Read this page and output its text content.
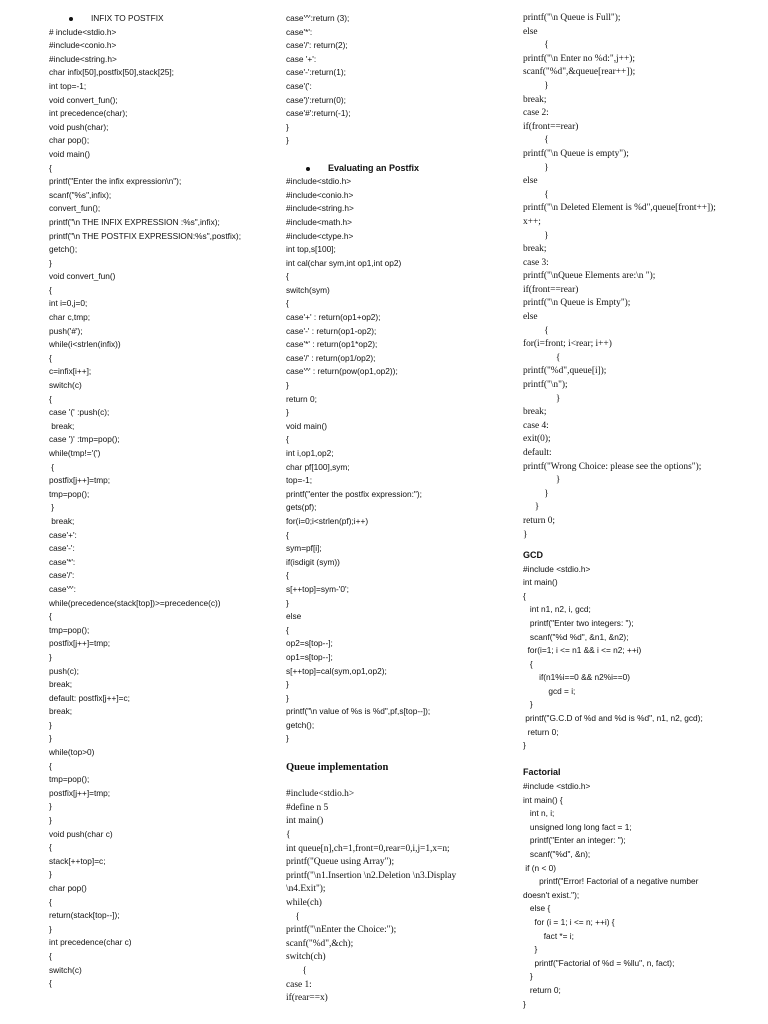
INFIX TO POSTFIX
# include<stdio.h>
#include<conio.h>
#include<string.h>
char infix[50],postfix[50],stack[25];
int top=-1;
void convert_fun();
int precedence(char);
void push(char);
char pop();
void main()
{
printf("Enter the infix expression\n");
scanf("%s",infix);
convert_fun();
printf("\n THE INFIX EXPRESSION :%s",infix);
printf("\n THE POSTFIX EXPRESSION:%s",postfix);
getch();
}
void convert_fun()
{
int i=0,j=0;
char c,tmp;
push('#');
while(i<strlen(infix))
{
c=infix[i++];
switch(c)
{
case '(' :push(c);
break;
case ')' :tmp=pop();
while(tmp!='(')
{
postfix[j++]=tmp;
tmp=pop();
}
break;
case'+':
case'-':
case'*':
case'/':
case'^':
while(precedence(stack[top])>=precedence(c))
{
tmp=pop();
postfix[j++]=tmp;
}
push(c);
break;
default: postfix[j++]=c;
break;
}
}
while(top>0)
{
tmp=pop();
postfix[j++]=tmp;
}
}
void push(char c)
{
stack[++top]=c;
}
char pop()
{
return(stack[top--]);
}
int precedence(char c)
{
switch(c)
{
case'^':return (3);
case'*':
case'/': return(2);
case '+':
case'-':return(1);
case'(':
case')':return(0);
case'#':return(-1);
}
}
Evaluating an Postfix
#include<stdio.h>
#include<conio.h>
#include<string.h>
#include<math.h>
#include<ctype.h>
int top,s[100];
int cal(char sym,int op1,int op2)
{
switch(sym)
{
case'+' : return(op1+op2);
case'-' : return(op1-op2);
case'*' : return(op1*op2);
case'/' : return(op1/op2);
case'^' : return(pow(op1,op2));
}
return 0;
}
void main()
{
int i,op1,op2;
char pf[100],sym;
top=-1;
printf("enter the postfix expression:");
gets(pf);
for(i=0;i<strlen(pf);i++)
{
sym=pf[i];
if(isdigit (sym))
{
s[++top]=sym-'0';
}
else
{
op2=s[top--];
op1=s[top--];
s[++top]=cal(sym,op1,op2);
}
}
printf("\n value of %s is %d",pf,s[top--]);
getch();
}
Queue implementation
#include<stdio.h>
#define n 5
int main()
{
int queue[n],ch=1,front=0,rear=0,i,j=1,x=n;
printf("Queue using Array");
printf("\n1.Insertion \n2.Deletion \n3.Display
\n4.Exit");
while(ch)
{
printf("\nEnter the Choice:");
scanf("%d",&ch);
switch(ch)
{
case 1:
if(rear==x)
printf("\n Queue is Full");
else
{
printf("\n Enter no %d:",j++);
scanf("%d",&queue[rear++]);
}
break;
case 2:
if(front==rear)
{
printf("\n Queue is empty");
}
else
{
printf("\n Deleted Element is %d",queue[front++]);
x++;
}
break;
case 3:
printf("\nQueue Elements are:\n ");
if(front==rear)
printf("\n Queue is Empty");
else
{
for(i=front; i<rear; i++)
{
printf("%d",queue[i]);
printf("\n");
}
break;
case 4:
exit(0);
default:
printf("Wrong Choice: please see the options");
}
}
}
return 0;
}
GCD
#include <stdio.h>
int main()
{
int n1, n2, i, gcd;
printf("Enter two integers: ");
scanf("%d %d", &n1, &n2);
for(i=1; i <= n1 && i <= n2; ++i)
{
if(n1%i==0 && n2%i==0)
gcd = i;
}
printf("G.C.D of %d and %d is %d", n1, n2, gcd);
return 0;
}
Factorial
#include <stdio.h>
int main() {
int n, i;
unsigned long long fact = 1;
printf("Enter an integer: ");
scanf("%d", &n);
if (n < 0)
printf("Error! Factorial of a negative number
doesn't exist.");
else {
for (i = 1; i <= n; ++i) {
fact *= i;
}
printf("Factorial of %d = %llu", n, fact);
}
return 0;
}
